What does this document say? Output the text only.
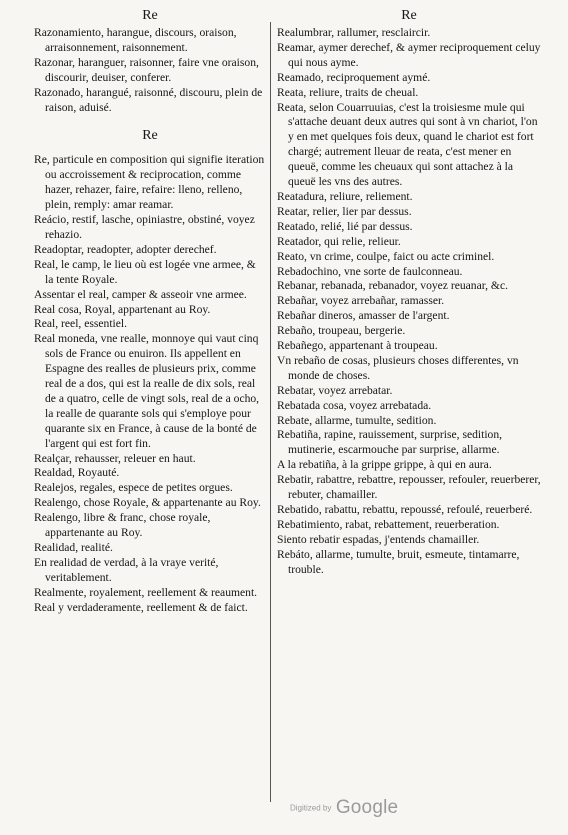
Re

Razonamiento, harangue, discours, oraison, arraisonnement, raisonnement.

Razonar, haranguer, raisonner, faire vne oraison, discourir, deuiser, conferer.

Razonado, harangué, raisonné, discouru, plein de raison, aduisé.

Re

Re, particule en composition qui signifie iteration ou accroissement & reciprocation, comme hazer, rehazer, faire, refaire: lleno, relleno, plein, remply: amar reamar.

Reácio, restif, lasche, opiniastre, obstiné, voyez rehazio.

Readoptar, readopter, adopter derechef.

Real, le camp, le lieu où est logée vne armee, & la tente Royale.

Assentar el real, camper & asseoir vne armee.

Real cosa, Royal, appartenant au Roy.

Real, reel, essentiel.

Real moneda, vne realle, monnoye qui vaut cinq sols de France ou enuiron. Ils appellent en Espagne des realles de plusieurs prix, comme real de a dos, qui est la realle de dix sols, real de a quatro, celle de vingt sols, real de a ocho, la realle de quarante sols qui s'employe pour quarante six en France, à cause de la bonté de l'argent qui est fort fin.

Realçar, rehausser, releuer en haut.

Realdad, Royauté.

Realejos, regales, espece de petites orgues.

Realengo, chose Royale, & appartenante au Roy.

Realengo, libre & franc, chose royale, appartenante au Roy.

Realidad, realité.

En realidad de verdad, à la vraye verité, veritablement.

Realmente, royalement, reellement & reaument.

Real y verdaderamente, reellement & de faict.

Re

Realumbrar, rallumer, resclaircir.

Reamar, aymer derechef, & aymer reciproquement celuy qui nous ayme.

Reamado, reciproquement aymé.

Reata, reliure, traits de cheual.

Reata, selon Couarruuias, c'est la troisiesme mule qui s'attache deuant deux autres qui sont à vn chariot, l'on y en met quelques fois deux, quand le chariot est fort chargé; autrement lleuar de reata, c'est mener en queuë, comme les cheuaux qui sont attachez à la queuë les vns des autres.

Reatadura, reliure, reliement.

Reatar, relier, lier par dessus.

Reatado, relié, lié par dessus.

Reatador, qui relie, relieur.

Reato, vn crime, coulpe, faict ou acte criminel.

Rebadochino, vne sorte de faulconneau.

Rebanar, rebanada, rebanador, voyez reuanar, &c.

Rebañar, voyez arrebañar, ramasser.

Rebañar dineros, amasser de l'argent.

Rebaño, troupeau, bergerie.

Rebañego, appartenant à troupeau.

Vn rebaño de cosas, plusieurs choses differentes, vn monde de choses.

Rebatar, voyez arrebatar.

Rebatada cosa, voyez arrebatada.

Rebate, allarme, tumulte, sedition.

Rebatiña, rapine, rauissement, surprise, sedition, mutinerie, escarmouche par surprise, allarme.

A la rebatiña, à la grippe grippe, à qui en aura.

Rebatir, rabattre, rebattre, repousser, refouler, reuerberer, rebuter, chamailler.

Rebatido, rabattu, rebattu, repoussé, refoulé, reuerberé.

Rebatimiento, rabat, rebattement, reuerberation.

Siento rebatir espadas, j'entends chamailler.

Rebáto, allarme, tumulte, bruit, esmeute, tintamarre, trouble.

Digitized by Google
